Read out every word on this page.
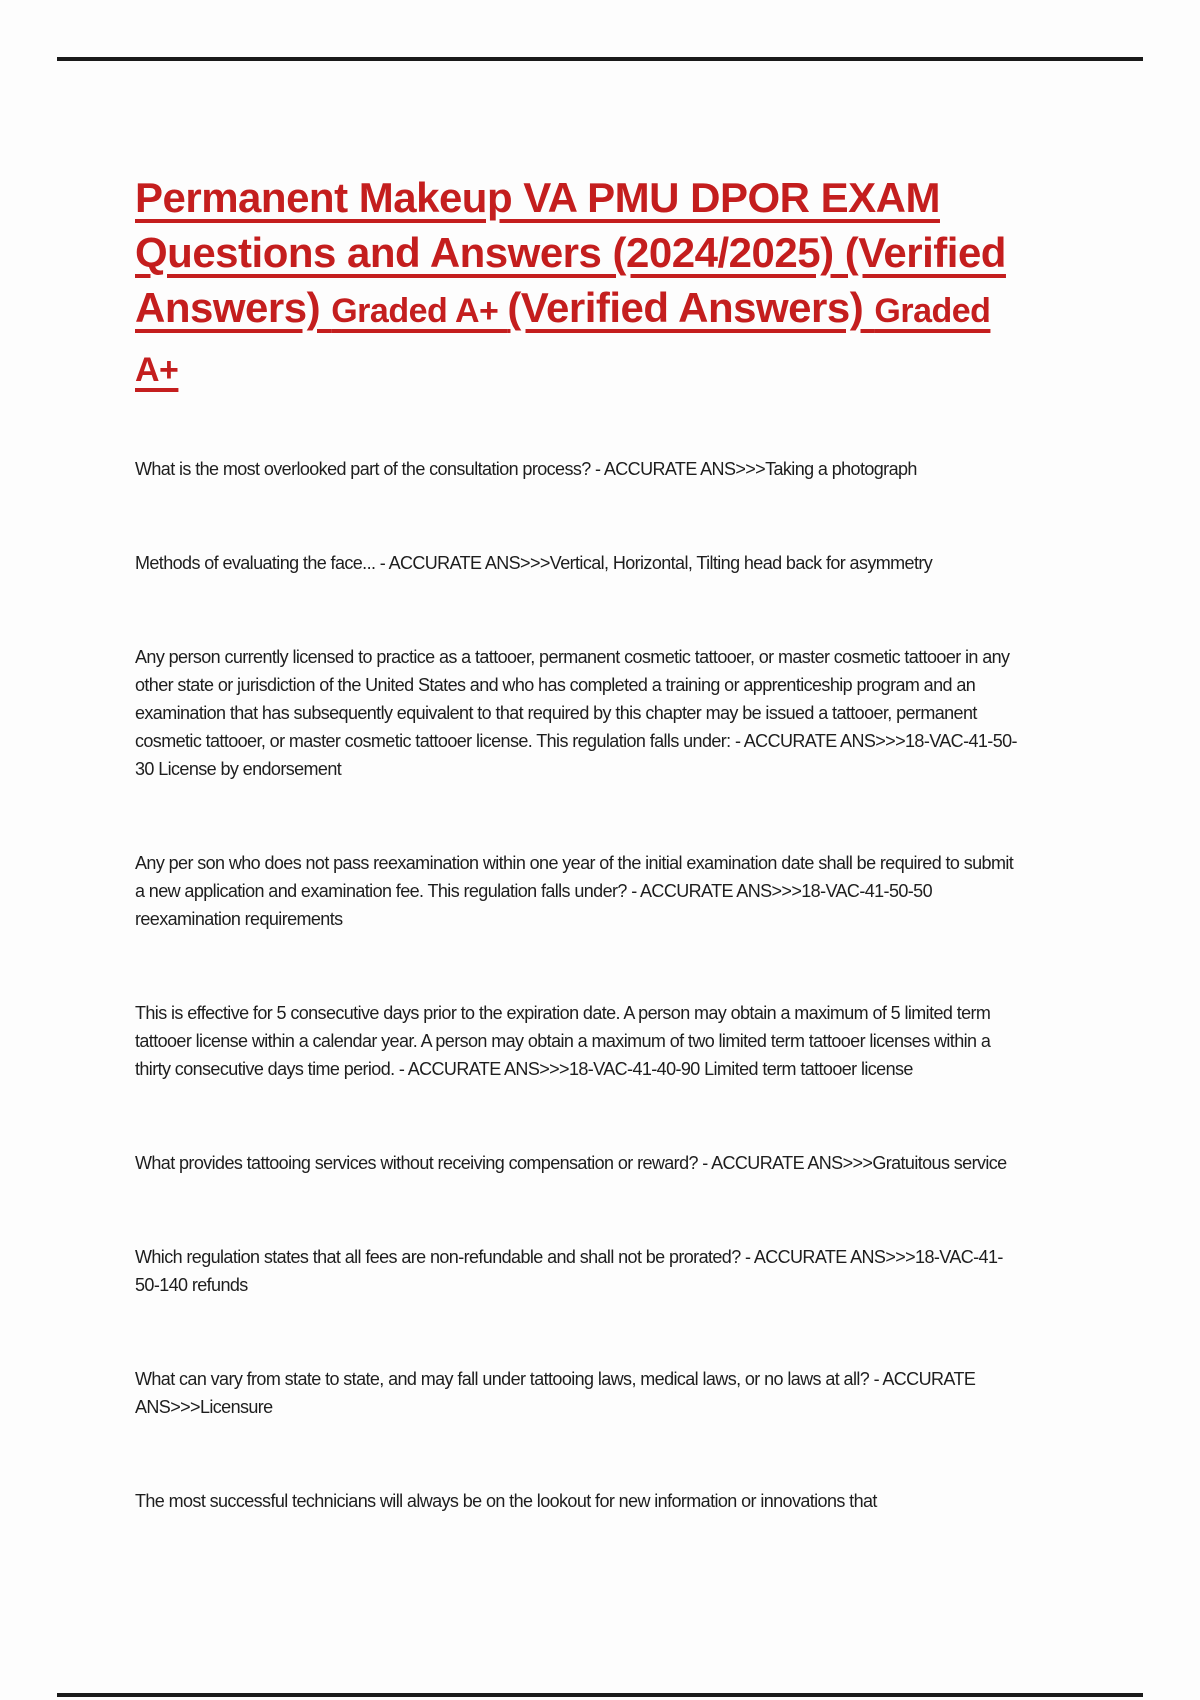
Permanent Makeup VA PMU DPOR EXAM Questions and Answers (2024/2025) (Verified Answers) Graded A+ (Verified Answers) Graded A+

What is the most overlooked part of the consultation process? - ACCURATE ANS>>>Taking a photograph

Methods of evaluating the face... - ACCURATE ANS>>>Vertical, Horizontal, Tilting head back for asymmetry

Any person currently licensed to practice as a tattooer, permanent cosmetic tattooer, or master cosmetic tattooer in any other state or jurisdiction of the United States and who has completed a training or apprenticeship program and an examination that has subsequently equivalent to that required by this chapter may be issued a tattooer, permanent cosmetic tattooer, or master cosmetic tattooer license. This regulation falls under: - ACCURATE ANS>>>18-VAC-41-50-30 License by endorsement

Any per son who does not pass reexamination within one year of the initial examination date shall be required to submit a new application and examination fee. This regulation falls under? - ACCURATE ANS>>>18-VAC-41-50-50 reexamination requirements

This is effective for 5 consecutive days prior to the expiration date. A person may obtain a maximum of 5 limited term tattooer license within a calendar year. A person may obtain a maximum of two limited term tattooer licenses within a thirty consecutive days time period. - ACCURATE ANS>>>18-VAC-41-40-90 Limited term tattooer license

What provides tattooing services without receiving compensation or reward? - ACCURATE ANS>>>Gratuitous service

Which regulation states that all fees are non-refundable and shall not be prorated? - ACCURATE ANS>>>18-VAC-41-50-140 refunds

What can vary from state to state, and may fall under tattooing laws, medical laws, or no laws at all? - ACCURATE ANS>>>Licensure

The most successful technicians will always be on the lookout for new information or innovations that
